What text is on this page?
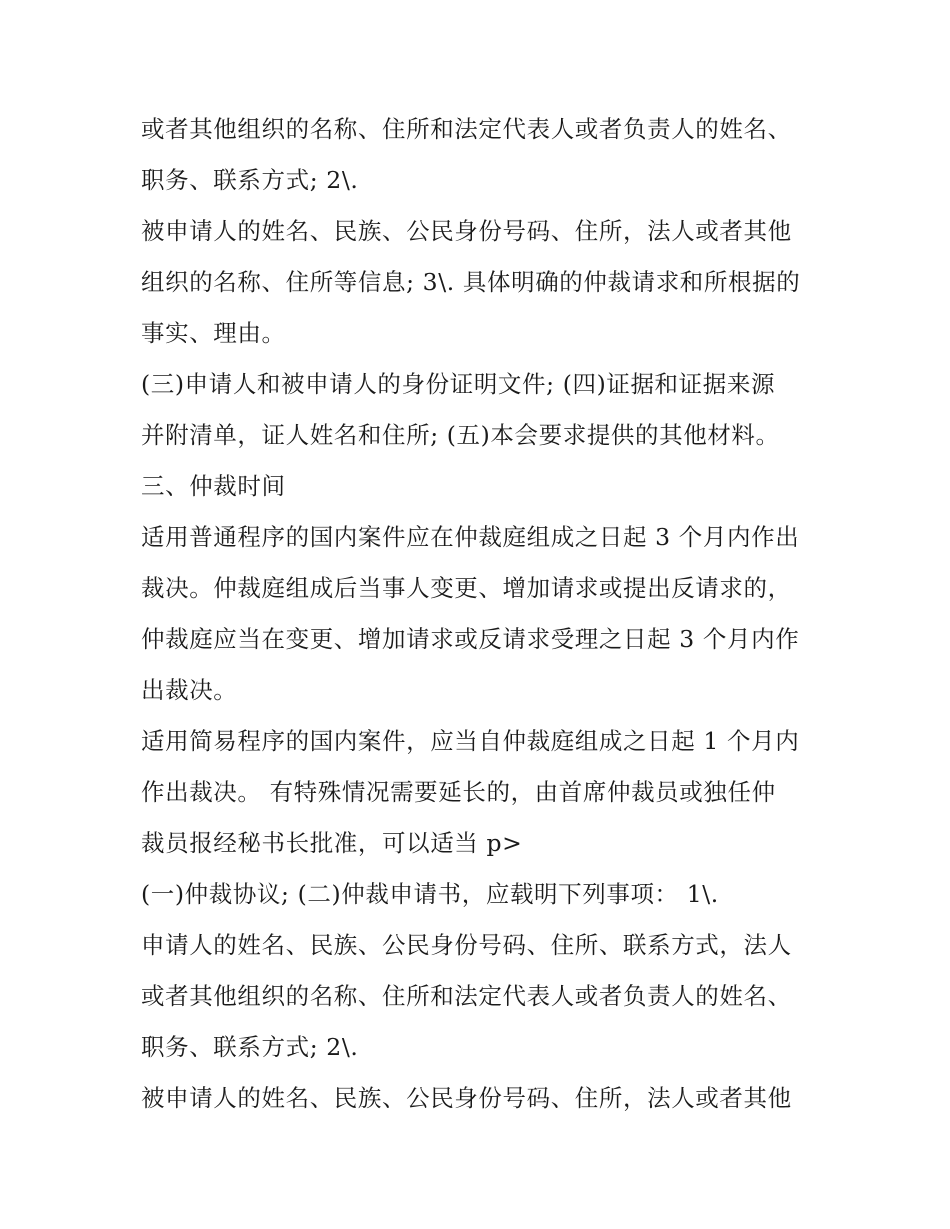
或者其他组织的名称、住所和法定代表人或者负责人的姓名、
职务、联系方式; 2\.
被申请人的姓名、民族、公民身份号码、住所，法人或者其他
组织的名称、住所等信息; 3\. 具体明确的仲裁请求和所根据的
事实、理由。
(三)申请人和被申请人的身份证明文件; (四)证据和证据来源
并附清单，证人姓名和住所; (五)本会要求提供的其他材料。
三、仲裁时间
适用普通程序的国内案件应在仲裁庭组成之日起 3 个月内作出
裁决。仲裁庭组成后当事人变更、增加请求或提出反请求的，
仲裁庭应当在变更、增加请求或反请求受理之日起 3 个月内作
出裁决。
适用简易程序的国内案件，应当自仲裁庭组成之日起 1 个月内
作出裁决。 有特殊情况需要延长的，由首席仲裁员或独任仲
裁员报经秘书长批准，可以适当 p>
(一)仲裁协议; (二)仲裁申请书，应载明下列事项： 1\.
申请人的姓名、民族、公民身份号码、住所、联系方式，法人
或者其他组织的名称、住所和法定代表人或者负责人的姓名、
职务、联系方式; 2\.
被申请人的姓名、民族、公民身份号码、住所，法人或者其他
